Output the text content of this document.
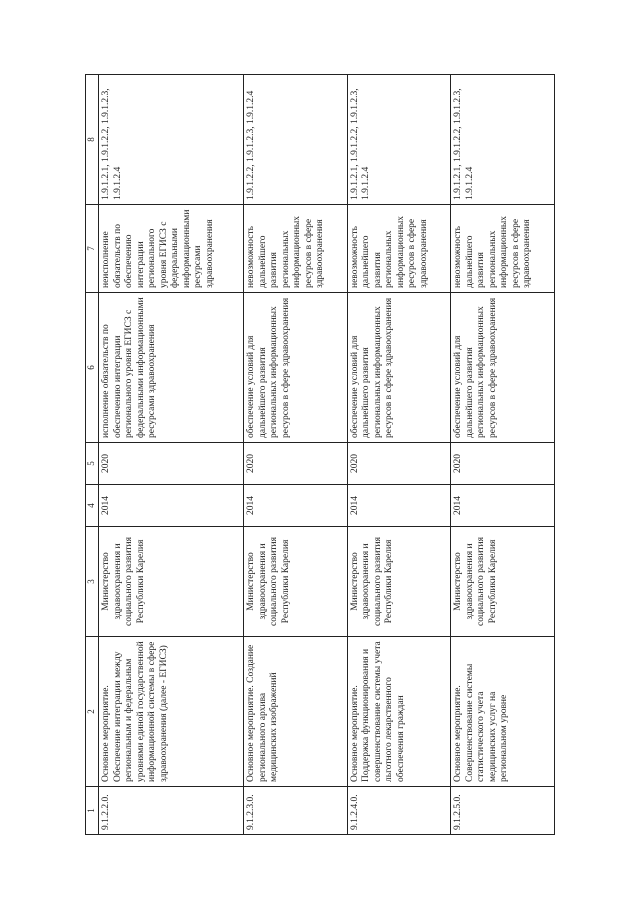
1	2	3	4	5	6	7	8
9.1.2.2.0.	Основное мероприятие. Обеспечение интеграции между региональным и федеральным уровнями единой государственной информационной системы в сфере здравоохранения (далее - ЕГИСЗ)	Министерство здравоохранения и социального развития Республики Карелия	2014	2020	исполнение обязательств по обеспечению интеграции регионального уровня ЕГИСЗ с федеральными информационными ресурсами здравоохранения	неисполнение обязательств по обеспечению интеграции регионального уровня ЕГИСЗ с федеральными информационными ресурсами здравоохранения	1.9.1.2.1, 1.9.1.2.2, 1.9.1.2.3, 1.9.1.2.4
9.1.2.3.0.	Основное мероприятие. Создание регионального архива медицинских изображений	Министерство здравоохранения и социального развития Республики Карелия	2014	2020	обеспечение условий для дальнейшего развития региональных информационных ресурсов в сфере здравоохранения	невозможность дальнейшего развития региональных информационных ресурсов в сфере здравоохранения	1.9.1.2.2, 1.9.1.2.3, 1.9.1.2.4
9.1.2.4.0.	Основное мероприятие. Поддержка функционирования и совершенствование системы учета льготного лекарственного обеспечения граждан	Министерство здравоохранения и социального развития Республики Карелия	2014	2020	обеспечение условий для дальнейшего развития региональных информационных ресурсов в сфере здравоохранения	невозможность дальнейшего развития региональных информационных ресурсов в сфере здравоохранения	1.9.1.2.1, 1.9.1.2.2, 1.9.1.2.3, 1.9.1.2.4
9.1.2.5.0.	Основное мероприятие. Совершенствование системы статистического учета медицинских услуг на региональном уровне	Министерство здравоохранения и социального развития Республики Карелия	2014	2020	обеспечение условий для дальнейшего развития региональных информационных ресурсов в сфере здравоохранения	невозможность дальнейшего развития региональных информационных ресурсов в сфере здравоохранения	1.9.1.2.1, 1.9.1.2.2, 1.9.1.2.3, 1.9.1.2.4
